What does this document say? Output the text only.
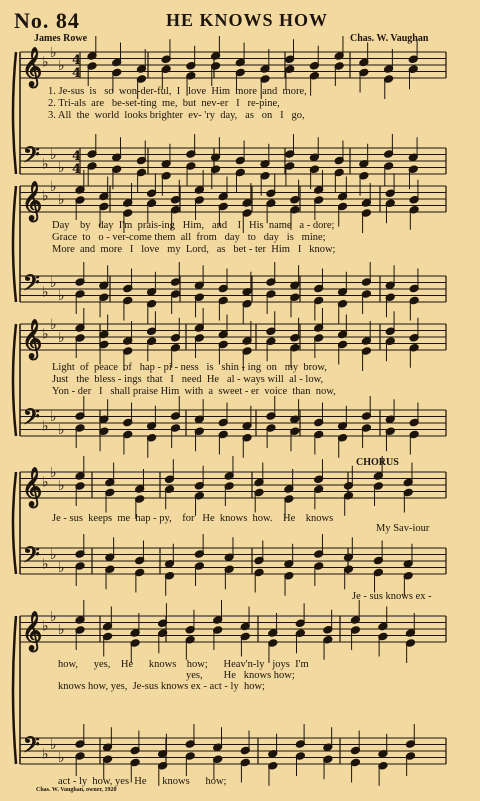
No. 84	HE KNOWS HOW
James Rowe	Chas. W. Vaughan
𝄞
𝄢
♭
♭
♭
♭
♭
♭
4
4
4
4
𝄞
𝄢
♭
♭
♭
♭
♭
♭
𝄞
𝄢
♭
♭
♭
♭
♭
♭
𝄞
𝄢
♭
♭
♭
♭
♭
♭
𝄞
𝄢
♭
♭
♭
♭
♭
♭
1. Je-sus  is   so  won-der-ful,  I   love  Him  more  and  more,
2. Tri-als  are   be-set-ting  me,  but  nev-er   I   re-pine,
3. All  the  world  looks brighter  ev- 'ry  day,   as   on   I   go,
Day    by   day  I'm  prais-ing   Him,   and    I   His  name   a - dore;
Grace  to   o - ver-come them  all  from   day   to   day   is   mine;
More  and  more   I   love   my  Lord,   as   bet - ter  Him   I   know;
Light  of  peace  of   hap - pi - ness   is   shin - ing  on   my  brow,
Just   the  bless - ings  that   I   need  He   al - ways will  al - low,
Yon - der   I   shall praise Him  with  a  sweet - er  voice  than  now,
CHORUS
Je - sus  keeps  me  hap - py,    for   He  knows  how.    He    knows
My Sav-iour
Je - sus knows ex -
how,      yes,    He      knows    how;      Heav'n-ly   joys  I'm
yes,        He   knows how;
knows how, yes,  Je-sus knows ex - act - ly  how;
act - ly  how, yes  He      knows      how;
Chas. W. Vaughan, owner, 1920
